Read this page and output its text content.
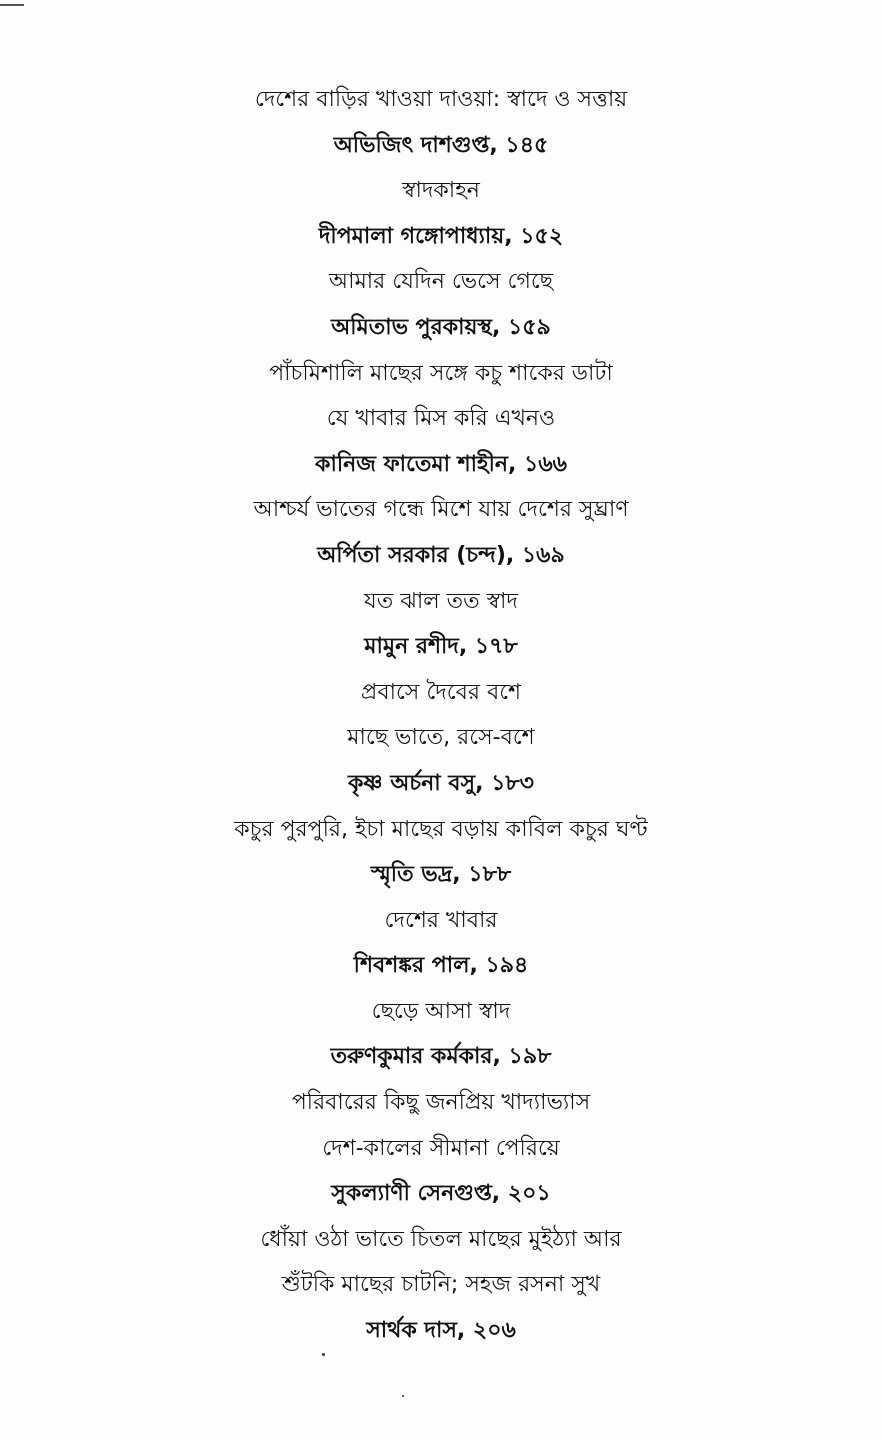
দেশের বাড়ির খাওয়া দাওয়া: স্বাদে ও সত্তায়
অভিজিৎ দাশগুপ্ত, ১৪৫
স্বাদকাহন
দীপমালা গঙ্গোপাধ্যায়, ১৫২
আমার যেদিন ভেসে গেছে
অমিতাভ পুরকায়স্থ, ১৫৯
পাঁচমিশালি মাছের সঙ্গে কচু শাকের ডাটা
যে খাবার মিস করি এখনও
কানিজ ফাতেমা শাহীন, ১৬৬
আশ্চর্য ভাতের গন্ধে মিশে যায় দেশের সুঘ্রাণ
অর্পিতা সরকার (চন্দ), ১৬৯
যত ঝাল তত স্বাদ
মামুন রশীদ, ১৭৮
প্রবাসে দৈবের বশে
মাছে ভাতে, রসে-বশে
কৃষ্ণ অর্চনা বসু, ১৮৩
কচুর পুরপুরি, ইচা মাছের বড়ায় কাবিল কচুর ঘণ্ট
স্মৃতি ভদ্র, ১৮৮
দেশের খাবার
শিবশঙ্কর পাল, ১৯৪
ছেড়ে আসা স্বাদ
তরুণকুমার কর্মকার, ১৯৮
পরিবারের কিছু জনপ্রিয় খাদ্যাভ্যাস
দেশ-কালের সীমানা পেরিয়ে
সুকল্যাণী সেনগুপ্ত, ২০১
ধোঁয়া ওঠা ভাতে চিতল মাছের মুইঠ্যা আর
শুঁটকি মাছের চাটনি; সহজ রসনা সুখ
সার্থক দাস, ২০৬
